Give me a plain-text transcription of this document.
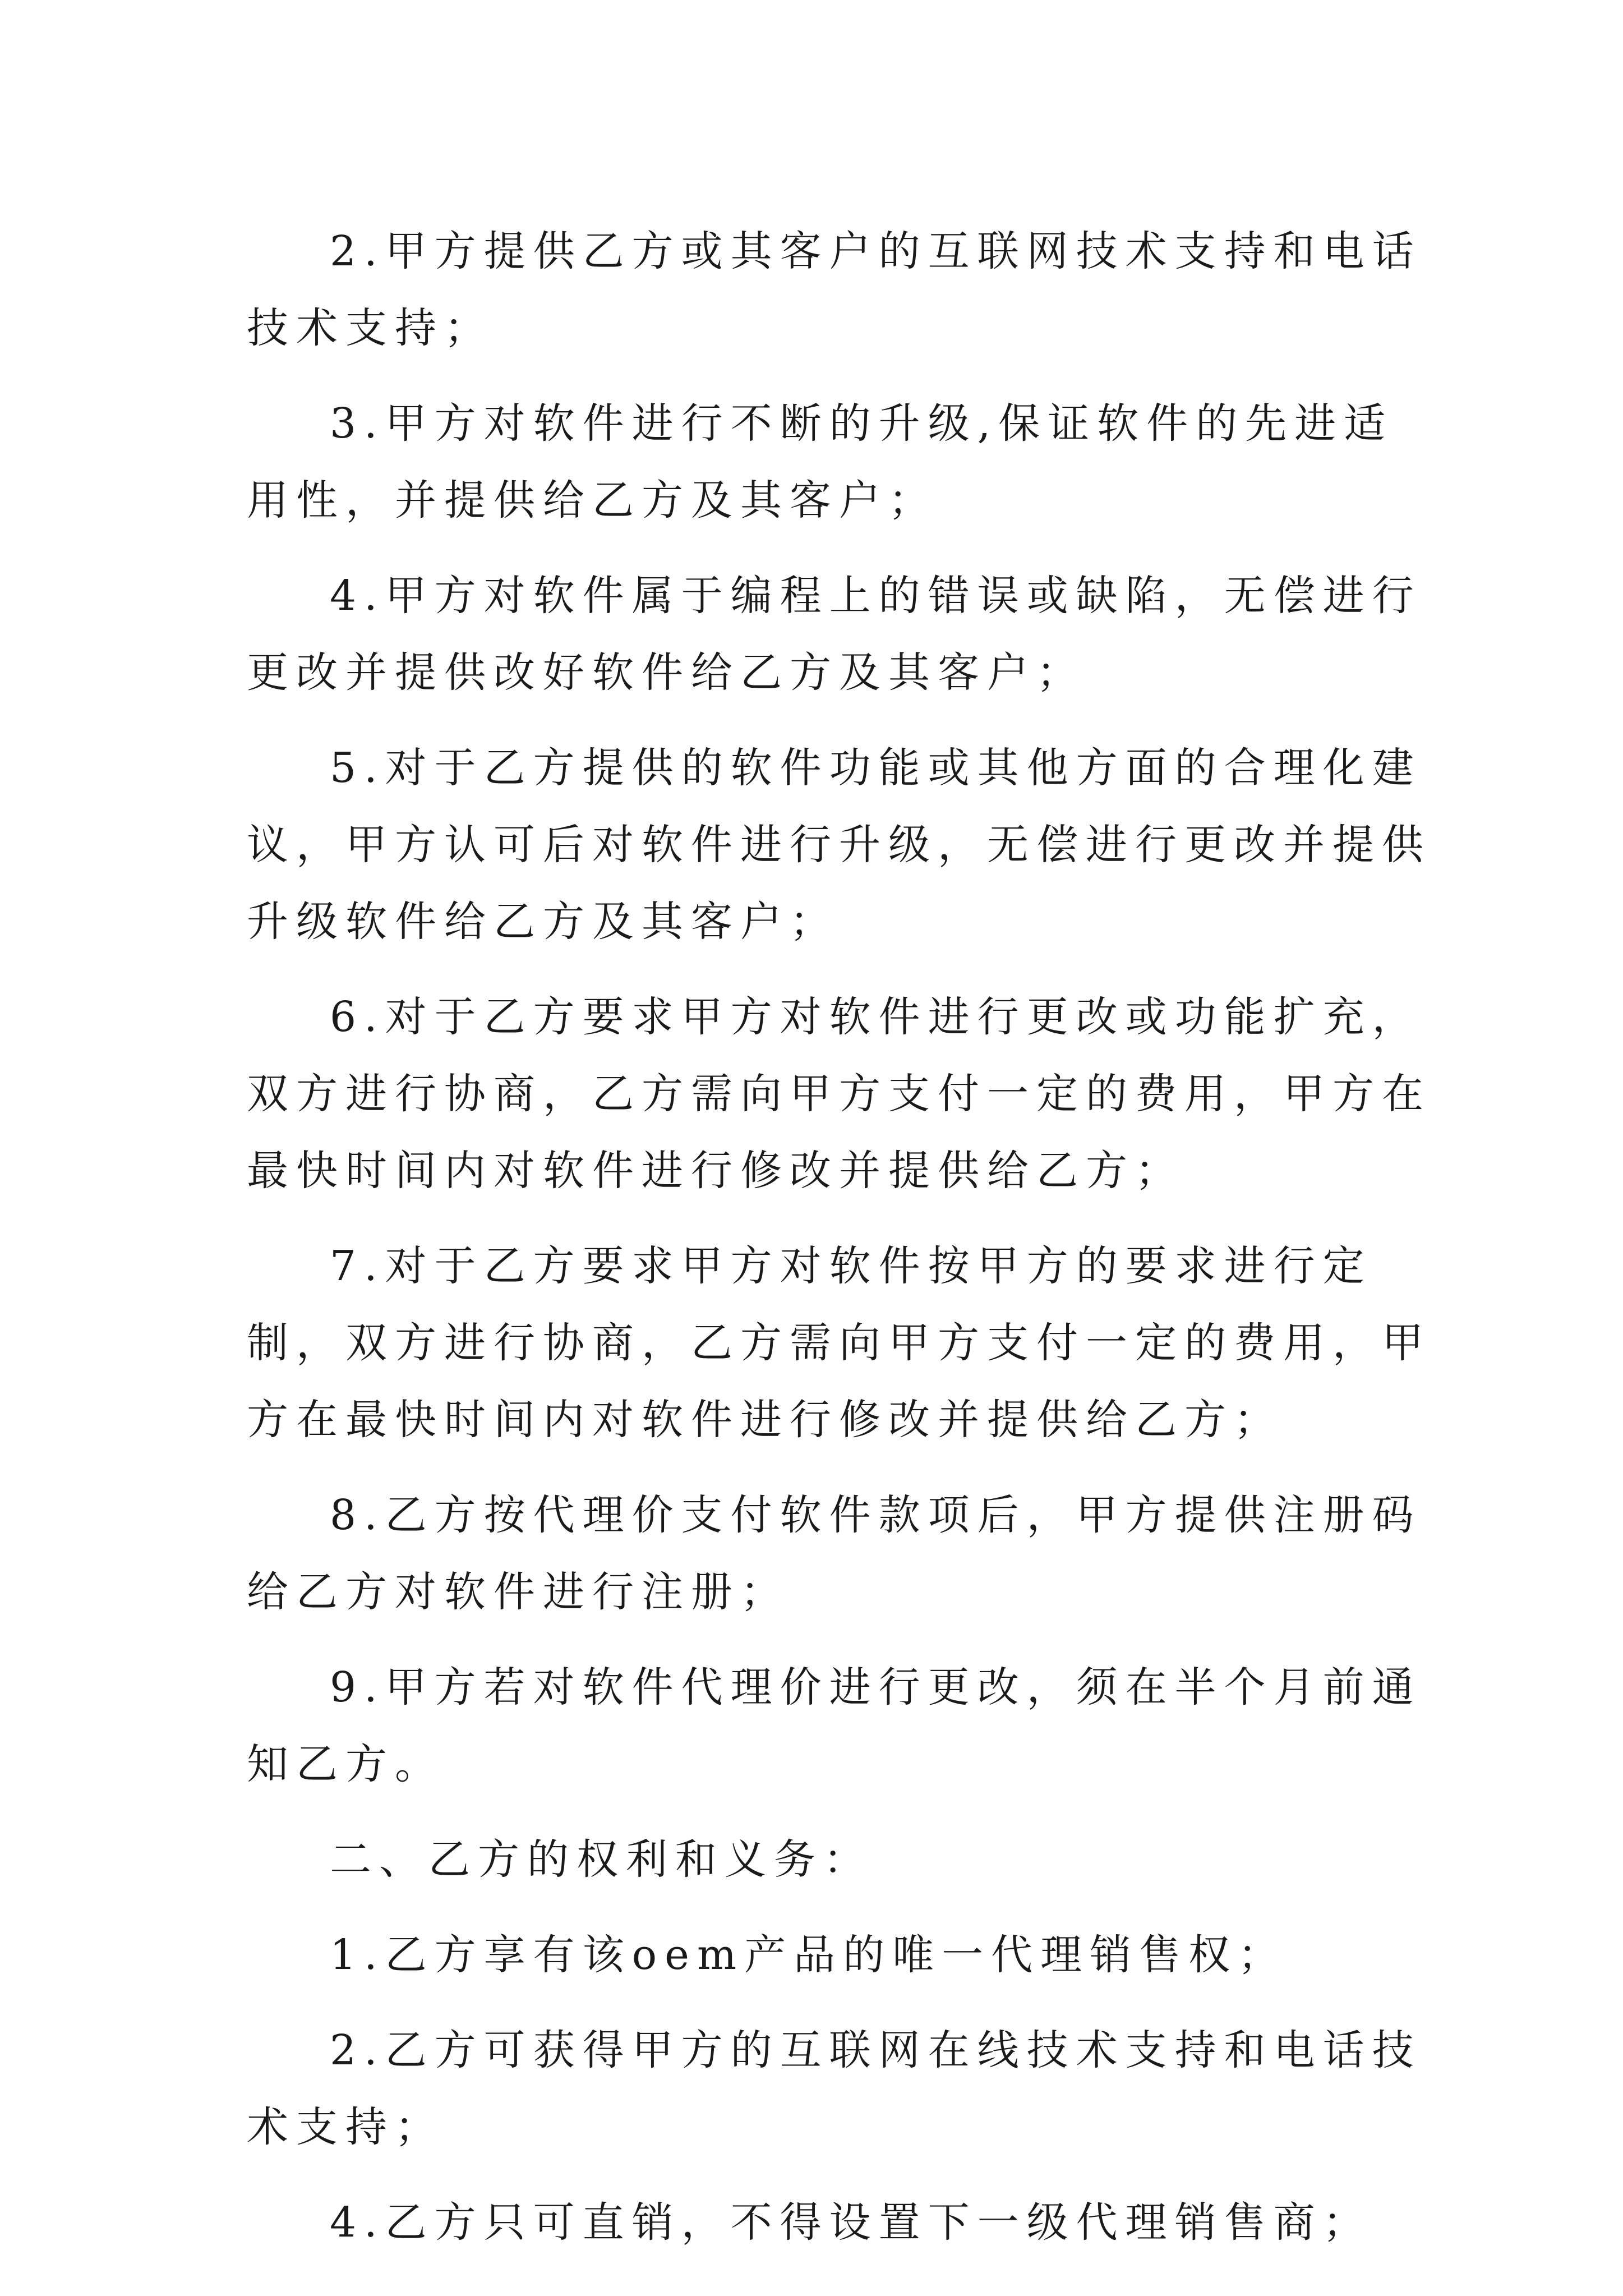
2.甲方提供乙方或其客户的互联网技术支持和电话技术支持；

3.甲方对软件进行不断的升级,保证软件的先进适用性，并提供给乙方及其客户；

4.甲方对软件属于编程上的错误或缺陷，无偿进行更改并提供改好软件给乙方及其客户；

5.对于乙方提供的软件功能或其他方面的合理化建议，甲方认可后对软件进行升级，无偿进行更改并提供升级软件给乙方及其客户；

6.对于乙方要求甲方对软件进行更改或功能扩充，双方进行协商，乙方需向甲方支付一定的费用，甲方在最快时间内对软件进行修改并提供给乙方；

7.对于乙方要求甲方对软件按甲方的要求进行定制，双方进行协商，乙方需向甲方支付一定的费用，甲方在最快时间内对软件进行修改并提供给乙方；

8.乙方按代理价支付软件款项后，甲方提供注册码给乙方对软件进行注册；

9.甲方若对软件代理价进行更改，须在半个月前通知乙方。

二、乙方的权利和义务：

1.乙方享有该oem产品的唯一代理销售权；

2.乙方可获得甲方的互联网在线技术支持和电话技术支持；

4.乙方只可直销，不得设置下一级代理销售商；
